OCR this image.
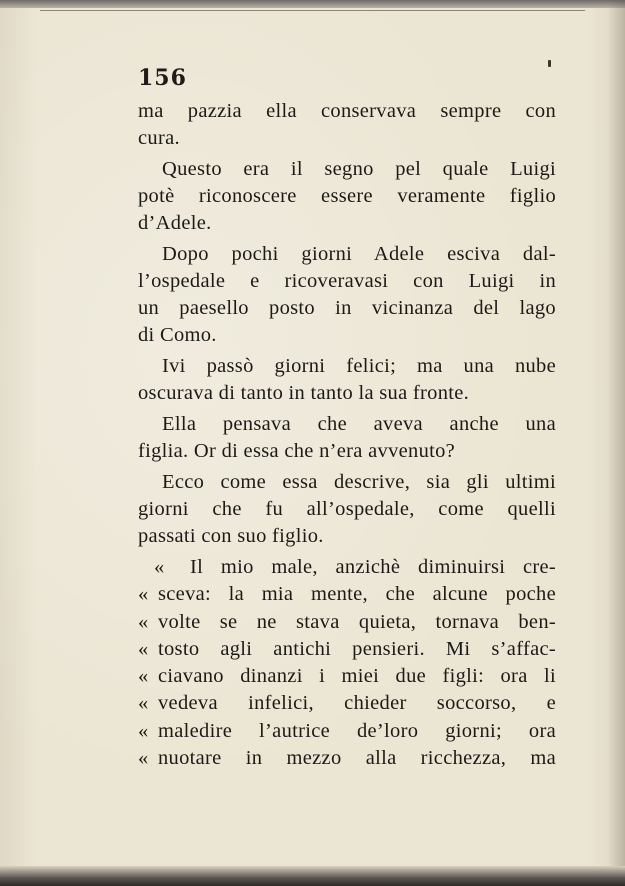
156
ma pazzia ella conservava sempre con
cura.
Questo era il segno pel quale Luigi
potè riconoscere essere veramente figlio
d’Adele.
Dopo pochi giorni Adele esciva dal-
l’ospedale e ricoveravasi con Luigi in
un paesello posto in vicinanza del lago
di Como.
Ivi passò giorni felici; ma una nube
oscurava di tanto in tanto la sua fronte.
Ella pensava che aveva anche una
figlia. Or di essa che n’era avvenuto?
Ecco come essa descrive, sia gli ultimi
giorni che fu all’ospedale, come quelli
passati con suo figlio.
«	Il mio male, anzichè diminuirsi cre-
« sceva: la mia mente, che alcune poche
« volte se ne stava quieta, tornava ben-
« tosto agli antichi pensieri. Mi s’affac-
« ciavano dinanzi i miei due figli: ora li
« vedeva infelici, chieder soccorso, e
« maledire l’autrice de’loro giorni; ora
« nuotare in mezzo alla ricchezza, ma
